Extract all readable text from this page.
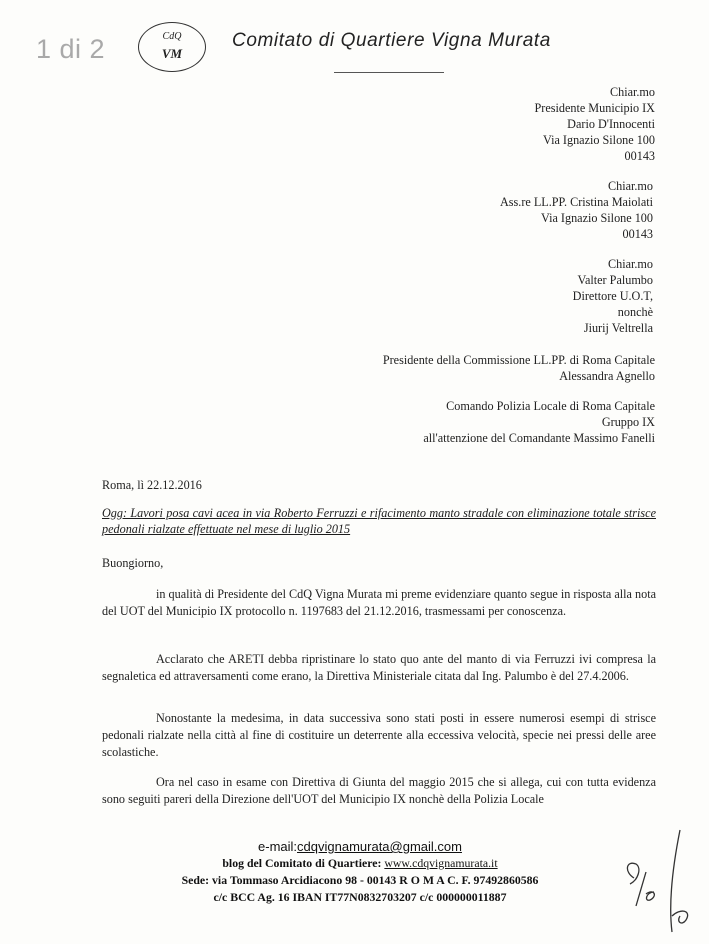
1 di 2	CdQ
VM
Comitato di Quartiere Vigna Murata
Chiar.mo
Presidente Municipio IX
Dario D'Innocenti
Via Ignazio Silone 100
00143
Chiar.mo
Ass.re LL.PP. Cristina Maiolati
Via Ignazio Silone 100
00143
Chiar.mo
Valter Palumbo
Direttore U.O.T,
nonchè
Jiurij Veltrella
Presidente della Commissione LL.PP. di Roma Capitale
Alessandra Agnello
Comando Polizia Locale di Roma Capitale
Gruppo IX
all'attenzione del Comandante Massimo Fanelli
Roma, lì 22.12.2016
Ogg: Lavori posa cavi acea in via Roberto Ferruzzi e rifacimento manto stradale con eliminazione totale strisce pedonali rialzate effettuate nel mese di luglio 2015
Buongiorno,
in qualità di Presidente del CdQ Vigna Murata mi preme evidenziare quanto segue in risposta alla nota del UOT del Municipio IX protocollo n. 1197683 del 21.12.2016, trasmessami per conoscenza.
Acclarato che ARETI debba ripristinare lo stato quo ante del manto di via Ferruzzi ivi compresa la segnaletica ed attraversamenti come erano, la Direttiva Ministeriale citata dal Ing. Palumbo è del 27.4.2006.
Nonostante la medesima, in data successiva sono stati posti in essere numerosi esempi di strisce pedonali rialzate nella città al fine di costituire un deterrente alla eccessiva velocità, specie nei pressi delle aree scolastiche.
Ora nel caso in esame con Direttiva di Giunta del maggio 2015 che si allega, cui con tutta evidenza sono seguiti pareri della Direzione dell'UOT del Municipio IX nonchè della Polizia Locale
e-mail:cdqvignamurata@gmail.com
blog del Comitato di Quartiere: www.cdqvignamurata.it
Sede: via Tommaso Arcidiacono 98 - 00143 R O M A C. F. 97492860586
c/c BCC Ag. 16 IBAN IT77N0832703207 c/c 000000011887
